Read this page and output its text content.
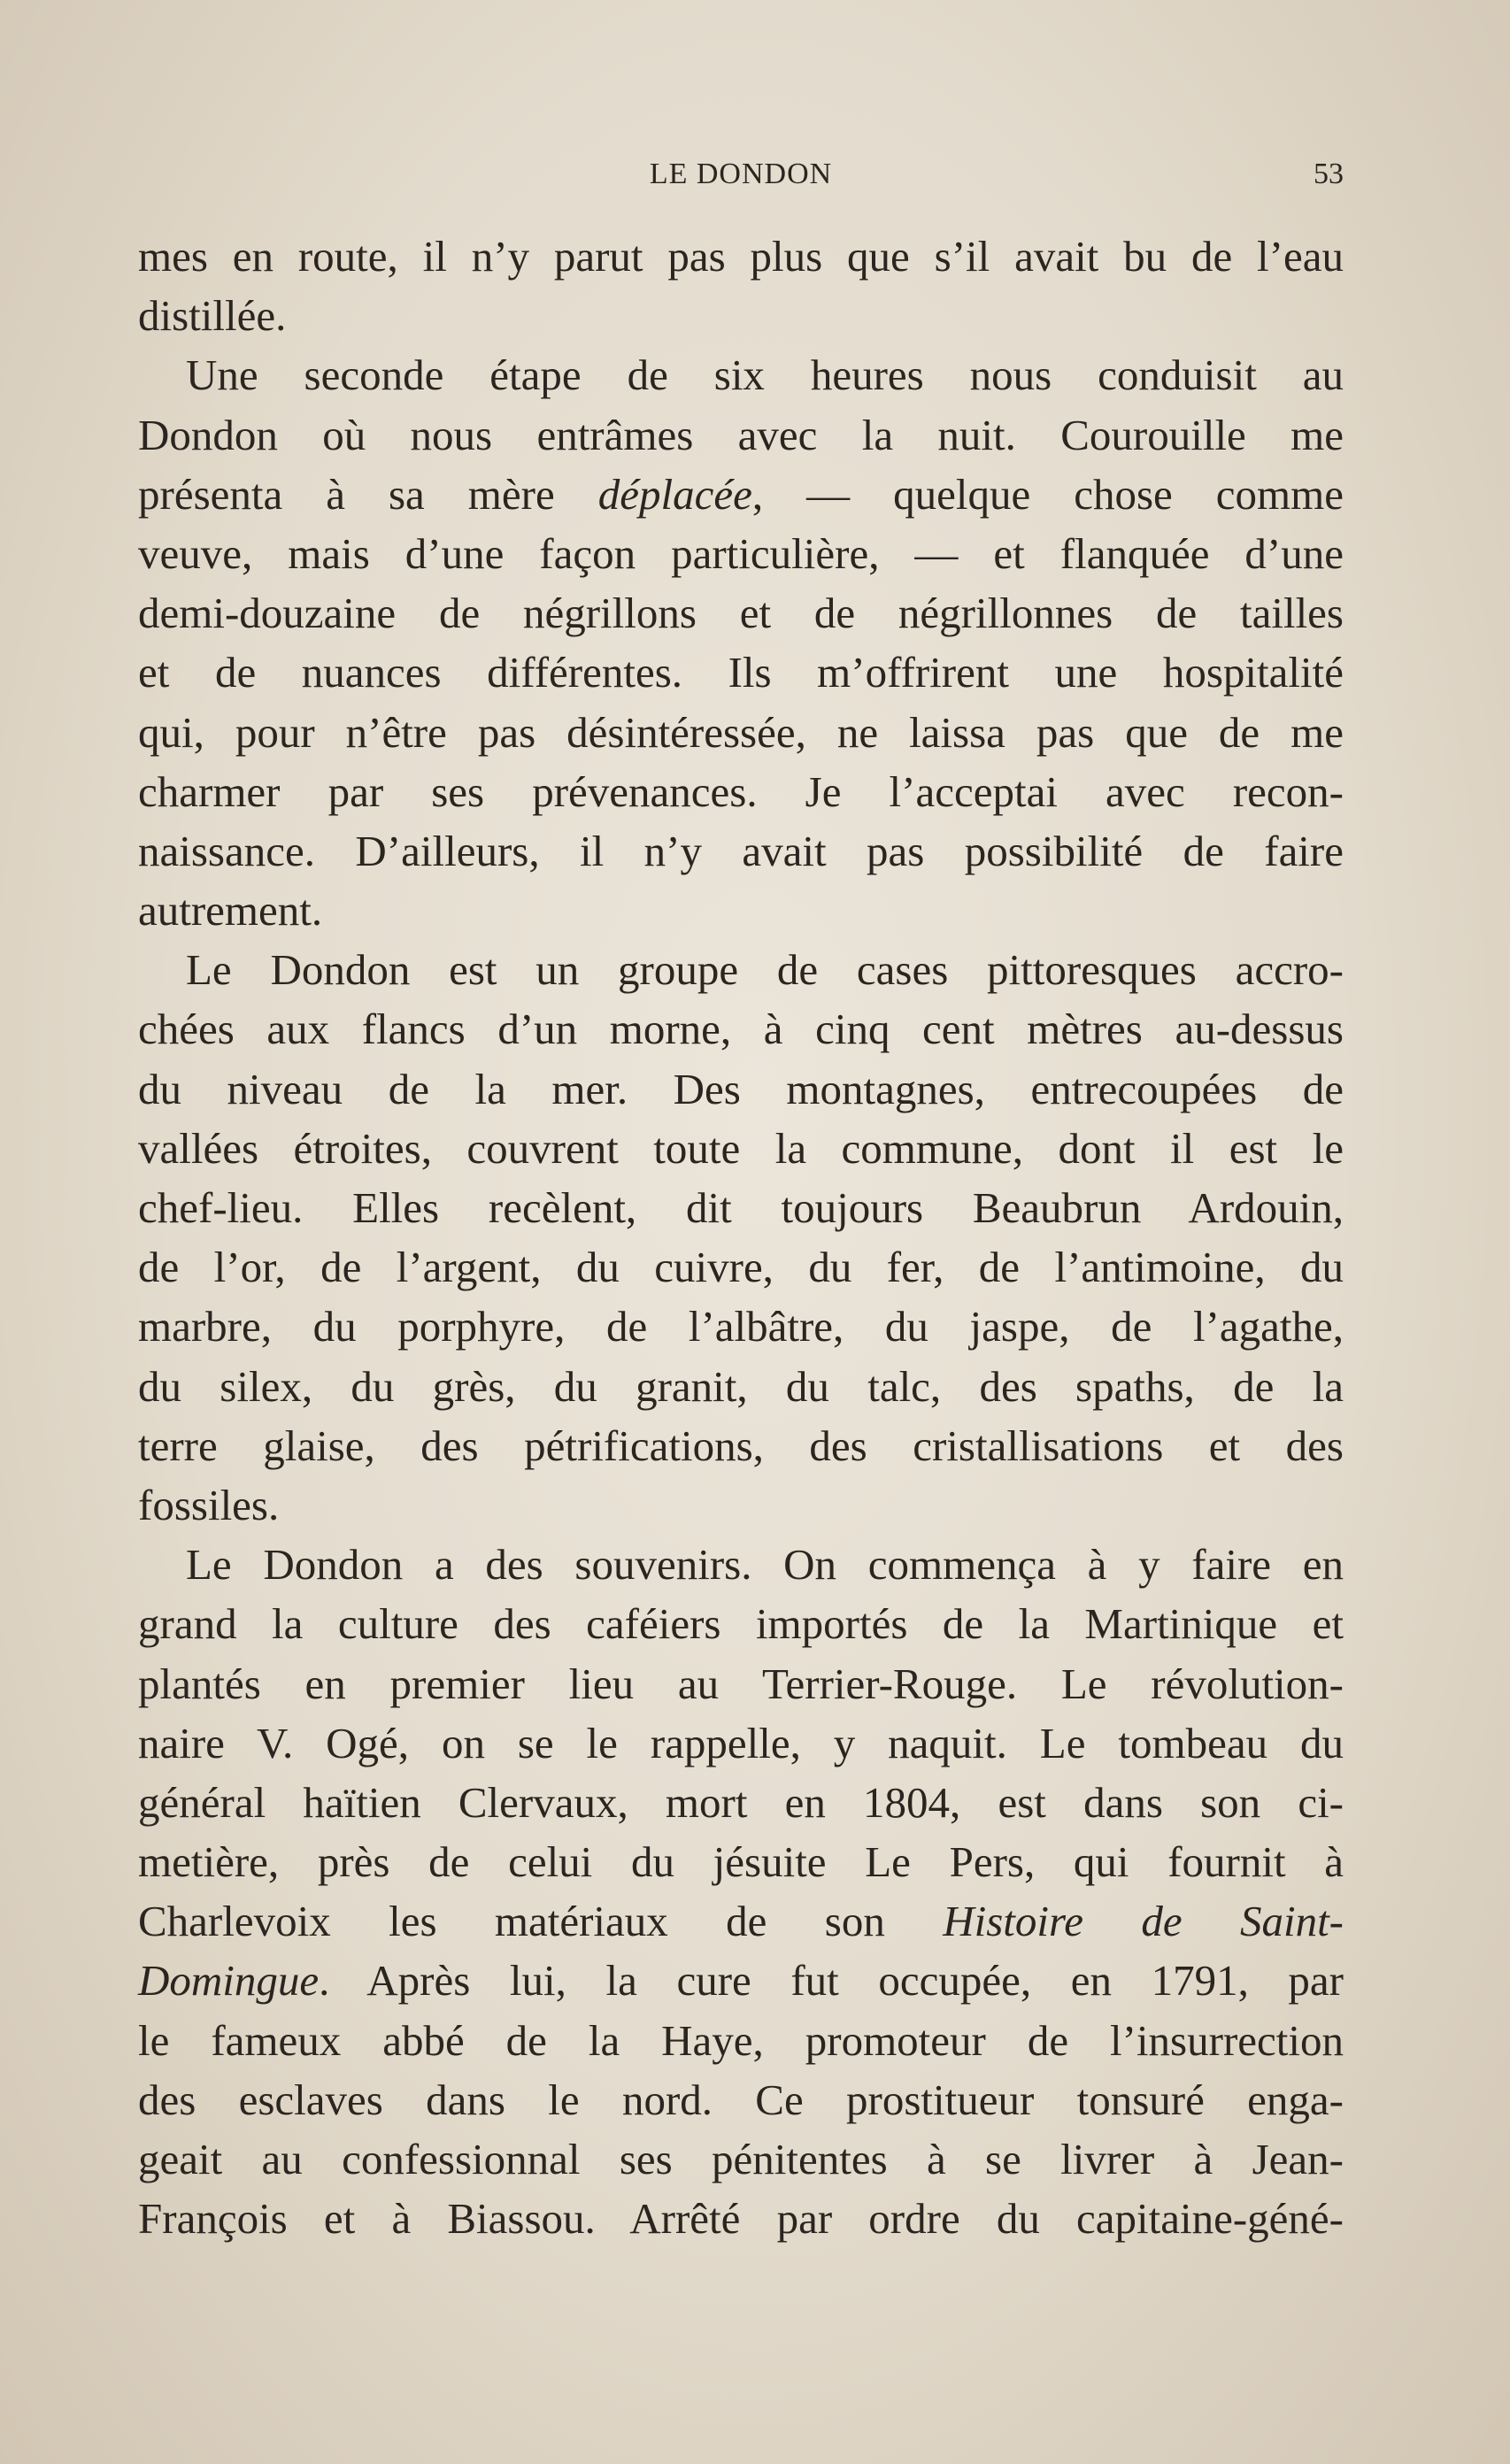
LE DONDON	53
mes en route, il n’y parut pas plus que s’il avait bu de l’eau
distillée.
Une seconde étape de six heures nous conduisit au
Dondon où nous entrâmes avec la nuit. Courouille me
présenta à sa mère déplacée, — quelque chose comme
veuve, mais d’une façon particulière, — et flanquée d’une
demi-douzaine de négrillons et de négrillonnes de tailles
et de nuances différentes. Ils m’offrirent une hospitalité
qui, pour n’être pas désintéressée, ne laissa pas que de me
charmer par ses prévenances. Je l’acceptai avec recon-
naissance. D’ailleurs, il n’y avait pas possibilité de faire
autrement.
Le Dondon est un groupe de cases pittoresques accro-
chées aux flancs d’un morne, à cinq cent mètres au-dessus
du niveau de la mer. Des montagnes, entrecoupées de
vallées étroites, couvrent toute la commune, dont il est le
chef-lieu. Elles recèlent, dit toujours Beaubrun Ardouin,
de l’or, de l’argent, du cuivre, du fer, de l’antimoine, du
marbre, du porphyre, de l’albâtre, du jaspe, de l’agathe,
du silex, du grès, du granit, du talc, des spaths, de la
terre glaise, des pétrifications, des cristallisations et des
fossiles.
Le Dondon a des souvenirs. On commença à y faire en
grand la culture des caféiers importés de la Martinique et
plantés en premier lieu au Terrier-Rouge. Le révolution-
naire V. Ogé, on se le rappelle, y naquit. Le tombeau du
général haïtien Clervaux, mort en 1804, est dans son ci-
metière, près de celui du jésuite Le Pers, qui fournit à
Charlevoix les matériaux de son Histoire de Saint-
Domingue. Après lui, la cure fut occupée, en 1791, par
le fameux abbé de la Haye, promoteur de l’insurrection
des esclaves dans le nord. Ce prostitueur tonsuré enga-
geait au confessionnal ses pénitentes à se livrer à Jean-
François et à Biassou. Arrêté par ordre du capitaine-géné-
